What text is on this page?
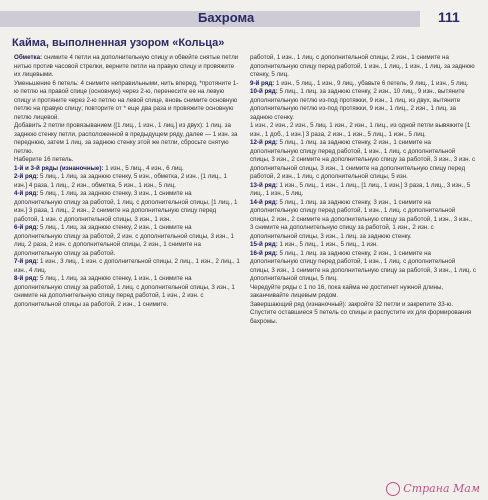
Бахрома	111
Кайма, выполненная узором «Кольца»

Обметка: снимите 4 петли на дополнительную спицу и обвейте снятые петли нитью против часовой стрелки, верните петли на правую спицу и провяжите их лицевыми.

Уменьшение 6 петель: 4 снимите неправильными, нить вперед, *протяните 1-ю петлю на правой спице (основную) через 2-ю, перенесите ее на левую спицу и протяните через 2-ю петлю на левой спице, вновь снимите основную петлю на правую спицу; повторите от * еще два раза и провяжите основную петлю лицевой.

Добавить 2 петли провязыванием ([1 лиц., 1 изн., 1 лиц.] из двух): 1 лиц. за заднюю стенку петли, расположенной в предыдущем ряду, далее — 1 изн. за переднюю, затем 1 лиц. за заднюю стенку этой же петли, сбросьте снятую петлю.

Наберите 16 петель.

1-й и 3-й ряды (изнаночные): 1 изн., 5 лиц., 4 изн., 6 лиц.

2-й ряд: 5 лиц., 1 лиц. за заднюю стенку, 5 изн., обметка, 2 изн., [1 лиц., 1 изн.] 4 раза, 1 лиц., 2 изн., обметка, 5 изн., 1 изн., 5 лиц.

4-й ряд: 5 лиц., 1 лиц. за заднюю стенку, 3 изн., 1 снимите на дополнительную спицу за работой, 1 лиц. с дополнительной спицы, [1 лиц., 1 изн.] 3 раза, 1 лиц., 2 изн., 2 снимите на дополнительную спицу перед работой, 1 изн. с дополнительной спицы, 3 изн., 1 изн.

6-й ряд: 5 лиц., 1 лиц. за заднюю стенку, 2 изн., 1 снимите на дополнительную спицу за работой, 2 изн. с дополнительной спицы, 3 изн., 1 лиц. 2 раза, 2 изн. с дополнительной спицы, 2 изн., 1 снимите на дополнительную спицу за работой.

7-й ряд: 1 изн., 3 лиц., 1 изн. с дополнительной спицы, 2 лиц., 1 изн., 2 лиц., 1 изн., 4 лиц.

8-й ряд: 5 лиц., 1 лиц. за заднюю стенку, 1 изн., 1 снимите на дополнительную спицу за работой, 1 лиц. с дополнительной спицы, 3 изн., 1 снимите на дополнительную спицу перед работой, 1 изн., 2 изн. с дополнительной спицы за работой, 2 изн., 1 снимите.

работой, 1 изн., 1 лиц. с дополнительной спицы, 2 изн., 1 снимите на дополнительную спицу перед работой, 1 изн., 1 лиц., 1 изн., 1 лиц. за заднюю стенку, 5 лиц.

9-й ряд: 1 изн., 5 лиц., 1 изн., 9 лиц., убавьте 6 петель, 9 лиц., 1 изн., 5 лиц.

10-й ряд: 5 лиц., 1 лиц. за заднюю стенку, 2 изн., 10 лиц., 9 изн., вытяните дополнительную петлю из-под протяжки, 9 изн., 1 лиц. из двух, вытяните дополнительную петлю из-под протяжки, 9 изн., 1 лиц., 2 изн., 1 лиц. за заднюю стенку.

1 изн., 2 изн., 2 изн., 5 лиц. 1 изн., 2 изн., 1 лиц., из одной петли вывяжите [1 изн., 1 доб., 1 изн.] 3 раза, 2 изн., 1 изн., 5 лиц., 1 изн., 5 лиц.

12-й ряд: 5 лиц., 1 лиц. за заднюю стенку, 2 изн., 1 снимите на дополнительную спицу перед работой, 1 изн., 1 лиц. с дополнительной спицы, 3 изн., 2 снимите на дополнительную спицу за работой, 3 изн., 3 изн. с дополнительной спицы, 3 изн., 1 снимите на дополнительную спицу перед работой, 2 изн., 1 лиц. с дополнительной спицы, 5 изн.

13-й ряд: 1 изн., 5 лиц., 1 изн., 1 лиц., [1 лиц., 1 изн.] 3 раза, 1 лиц., 3 изн., 5 лиц., 1 изн., 5 лиц.

14-й ряд: 5 лиц., 1 лиц. за заднюю стенку, 3 изн., 1 снимите на дополнительную спицу перед работой, 1 изн., 1 лиц. с дополнительной спицы, 2 изн., 2 снимите на дополнительную спицу за работой, 1 изн., 3 изн., 3 снимите на дополнительную спицу за работой, 1 изн., 2 изн. с дополнительной спицы, 3 изн., 1 лиц. за заднюю стенку.

15-й ряд: 1 изн., 5 лиц., 1 изн., 5 лиц., 1 изн.

16-й ряд: 5 лиц., 1 лиц. за заднюю стенку, 2 изн., 1 снимите на дополнительную спицу перед работой, 1 изн., 1 лиц. с дополнительной спицы, 3 изн., 1 снимите на дополнительную спицу за работой, 3 изн., 1 лиц. с дополнительной спицы, 5 лиц.

Чередуйте ряды с 1 по 16, пока кайма не достигнет нужной длины, заканчивайте лицевым рядом.

Завершающий ряд (изнаночный): закройте 32 петли и закрепите 33-ю.

Спустите оставшиеся 5 петель со спицы и распустите их для формирования бахромы.

Страна Мам
